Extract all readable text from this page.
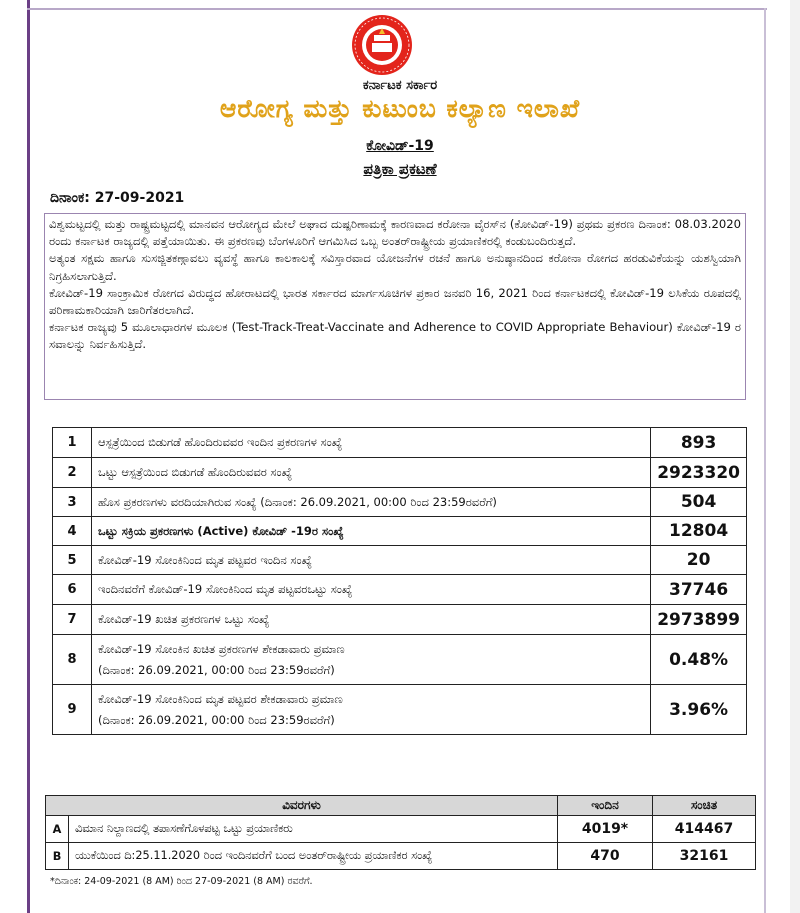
ಕರ್ನಾಟಕ ಸರ್ಕಾರ
ಆರೋಗ್ಯ ಮತ್ತು ಕುಟುಂಬ ಕಲ್ಯಾಣ ಇಲಾಖೆ
ಕೋವಿಡ್-19
ಪತ್ರಿಕಾ ಪ್ರಕಟಣೆ
ದಿನಾಂಕ: 27-09-2021

ವಿಶ್ವಮಟ್ಟದಲ್ಲಿ ಮತ್ತು ರಾಷ್ಟ್ರಮಟ್ಟದಲ್ಲಿ ಮಾನವನ ಆರೋಗ್ಯದ ಮೇಲೆ ಅಘಾದ ದುಷ್ಪರಿಣಾಮಕ್ಕೆ ಕಾರಣವಾದ ಕರೋನಾ ವೈರಸ್‌ನ (ಕೋವಿಡ್-19) ಪ್ರಥಮ ಪ್ರಕರಣ ದಿನಾಂಕ: 08.03.2020 ರಂದು ಕರ್ನಾಟಕ ರಾಜ್ಯದಲ್ಲಿ ಪತ್ತೆಯಾಯಿತು. ಈ ಪ್ರಕರಣವು ಬೆಂಗಳೂರಿಗೆ ಆಗಮಿಸಿದ ಒಬ್ಬ ಅಂತರ್‌ರಾಷ್ಟ್ರೀಯ ಪ್ರಯಾಣಿಕರಲ್ಲಿ ಕಂಡುಬಂದಿರುತ್ತದೆ.

ಅತ್ಯಂತ ಸಕ್ಷಮ ಹಾಗೂ ಸುಸಜ್ಜಿತಕಣ್ಗಾವಲು ವ್ಯವಸ್ಥೆ ಹಾಗೂ ಕಾಲಕಾಲಕ್ಕೆ ಸವಿಸ್ತಾರವಾದ ಯೋಜನೆಗಳ ರಚನೆ ಹಾಗೂ ಅನುಷ್ಠಾನದಿಂದ ಕರೋನಾ ರೋಗದ ಹರಡುವಿಕೆಯನ್ನು ಯಶಸ್ವಿಯಾಗಿ ನಿಗ್ರಹಿಸಲಾಗುತ್ತಿದೆ.

ಕೋವಿಡ್-19 ಸಾಂಕ್ರಾಮಿಕ ರೋಗದ ವಿರುದ್ಧದ ಹೋರಾಟದಲ್ಲಿ ಭಾರತ ಸರ್ಕಾರದ ಮಾರ್ಗಸೂಚಿಗಳ ಪ್ರಕಾರ ಜನವರಿ 16, 2021 ರಿಂದ ಕರ್ನಾಟಕದಲ್ಲಿ ಕೋವಿಡ್-19 ಲಸಿಕೆಯ ರೂಪದಲ್ಲಿ ಪರಿಣಾಮಕಾರಿಯಾಗಿ ಜಾರಿಗೆತರಲಾಗಿದೆ.

ಕರ್ನಾಟಕ ರಾಜ್ಯವು 5 ಮೂಲಾಧಾರಗಳ ಮೂಲಕ (Test-Track-Treat-Vaccinate and Adherence to COVID Appropriate Behaviour) ಕೋವಿಡ್-19 ರ ಸವಾಲನ್ನು ನಿರ್ವಹಿಸುತ್ತಿದೆ.

1	ಆಸ್ಪತ್ರೆಯಿಂದ ಬಿಡುಗಡೆ ಹೊಂದಿರುವವರ ಇಂದಿನ ಪ್ರಕರಣಗಳ ಸಂಖ್ಯೆ	893
2	ಒಟ್ಟು ಆಸ್ಪತ್ರೆಯಿಂದ ಬಿಡುಗಡೆ ಹೊಂದಿರುವವರ ಸಂಖ್ಯೆ	2923320
3	ಹೊಸ ಪ್ರಕರಣಗಳು ವರದಿಯಾಗಿರುವ ಸಂಖ್ಯೆ (ದಿನಾಂಕ: 26.09.2021, 00:00 ರಿಂದ 23:59ರವರೆಗೆ)	504
4	ಒಟ್ಟು ಸಕ್ರಿಯ ಪ್ರಕರಣಗಳು (Active) ಕೋವಿಡ್ -19ರ ಸಂಖ್ಯೆ	12804
5	ಕೋವಿಡ್-19 ಸೋಂಕಿನಿಂದ ಮೃತ ಪಟ್ಟವರ ಇಂದಿನ ಸಂಖ್ಯೆ	20
6	ಇಂದಿನವರೆಗೆ ಕೋವಿಡ್-19 ಸೋಂಕಿನಿಂದ ಮೃತ ಪಟ್ಟವರಒಟ್ಟು ಸಂಖ್ಯೆ	37746
7	ಕೋವಿಡ್-19 ಖಚಿತ ಪ್ರಕರಣಗಳ ಒಟ್ಟು ಸಂಖ್ಯೆ	2973899
8	ಕೋವಿಡ್-19 ಸೋಂಕಿನ ಖಚಿತ ಪ್ರಕರಣಗಳ ಶೇಕಡಾವಾರು ಪ್ರಮಾಣ
(ದಿನಾಂಕ: 26.09.2021, 00:00 ರಿಂದ 23:59ರವರೆಗೆ)	0.48%
9	ಕೋವಿಡ್-19 ಸೋಂಕಿನಿಂದ ಮೃತ ಪಟ್ಟವರ ಶೇಕಡಾವಾರು ಪ್ರಮಾಣ
(ದಿನಾಂಕ: 26.09.2021, 00:00 ರಿಂದ 23:59ರವರೆಗೆ)	3.96%
ವಿವರಗಳು		ಇಂದಿನ	ಸಂಚಿತ
A	ವಿಮಾನ ನಿಲ್ದಾಣದಲ್ಲಿ ತಪಾಸಣೆಗೊಳಪಟ್ಟ ಒಟ್ಟು ಪ್ರಯಾಣಿಕರು	4019*	414467
B	ಯುಕೆಯಿಂದ ದಿ:25.11.2020 ರಿಂದ ಇಂದಿನವರೆಗೆ ಬಂದ ಅಂತರ್‌ರಾಷ್ಟ್ರೀಯ ಪ್ರಯಾಣಿಕರ ಸಂಖ್ಯೆ	470	32161
*ದಿನಾಂಕ: 24-09-2021 (8 AM) ರಿಂದ 27-09-2021 (8 AM) ರವರೆಗೆ.
